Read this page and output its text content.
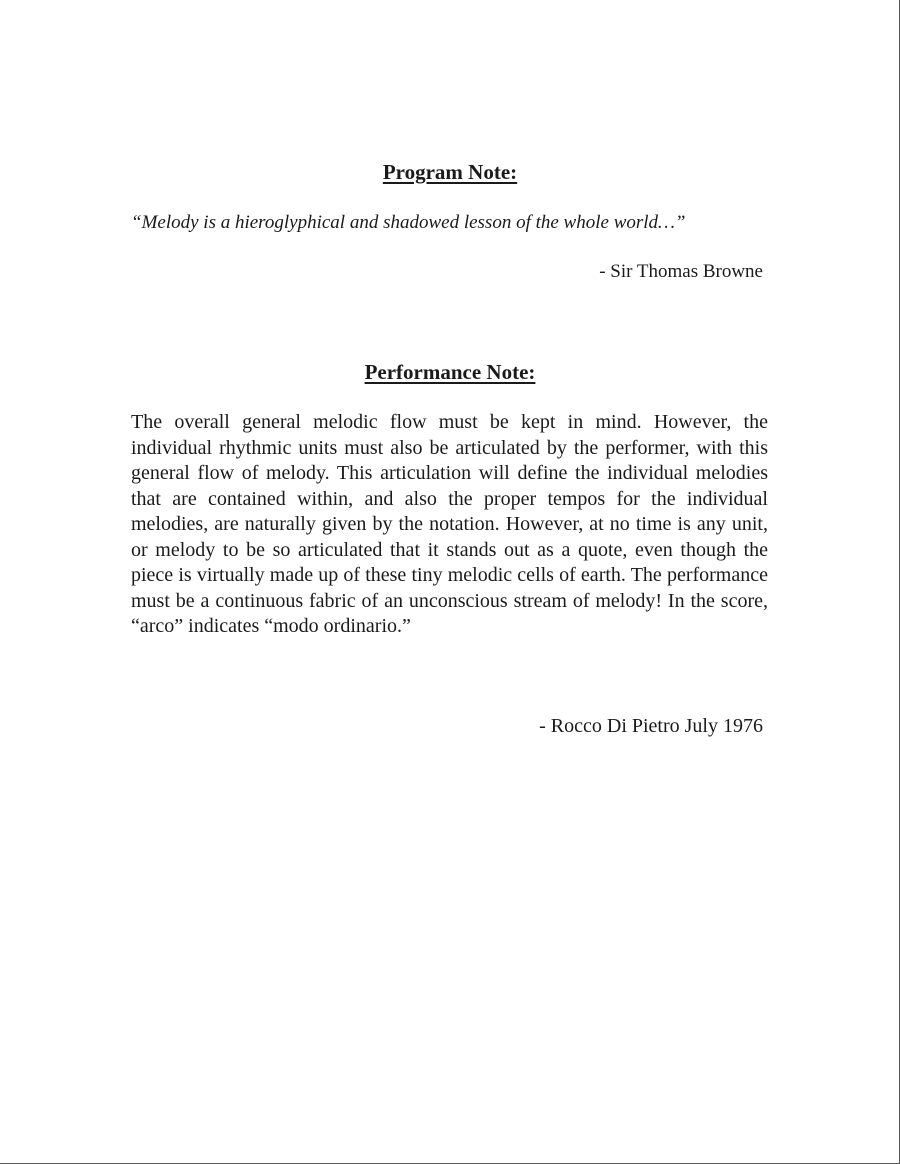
Program Note:

“Melody is a hieroglyphical and shadowed lesson of the whole world…”

- Sir Thomas Browne

Performance Note:

The overall general melodic flow must be kept in mind. However, the individual rhythmic units must also be articulated by the performer, with this general flow of melody. This articulation will define the individual melodies that are contained within, and also the proper tempos for the individual melodies, are naturally given by the notation. However, at no time is any unit, or melody to be so articulated that it stands out as a quote, even though the piece is virtually made up of these tiny melodic cells of earth. The performance must be a continuous fabric of an unconscious stream of melody! In the score, “arco” indicates “modo ordinario.”

- Rocco Di Pietro July 1976
